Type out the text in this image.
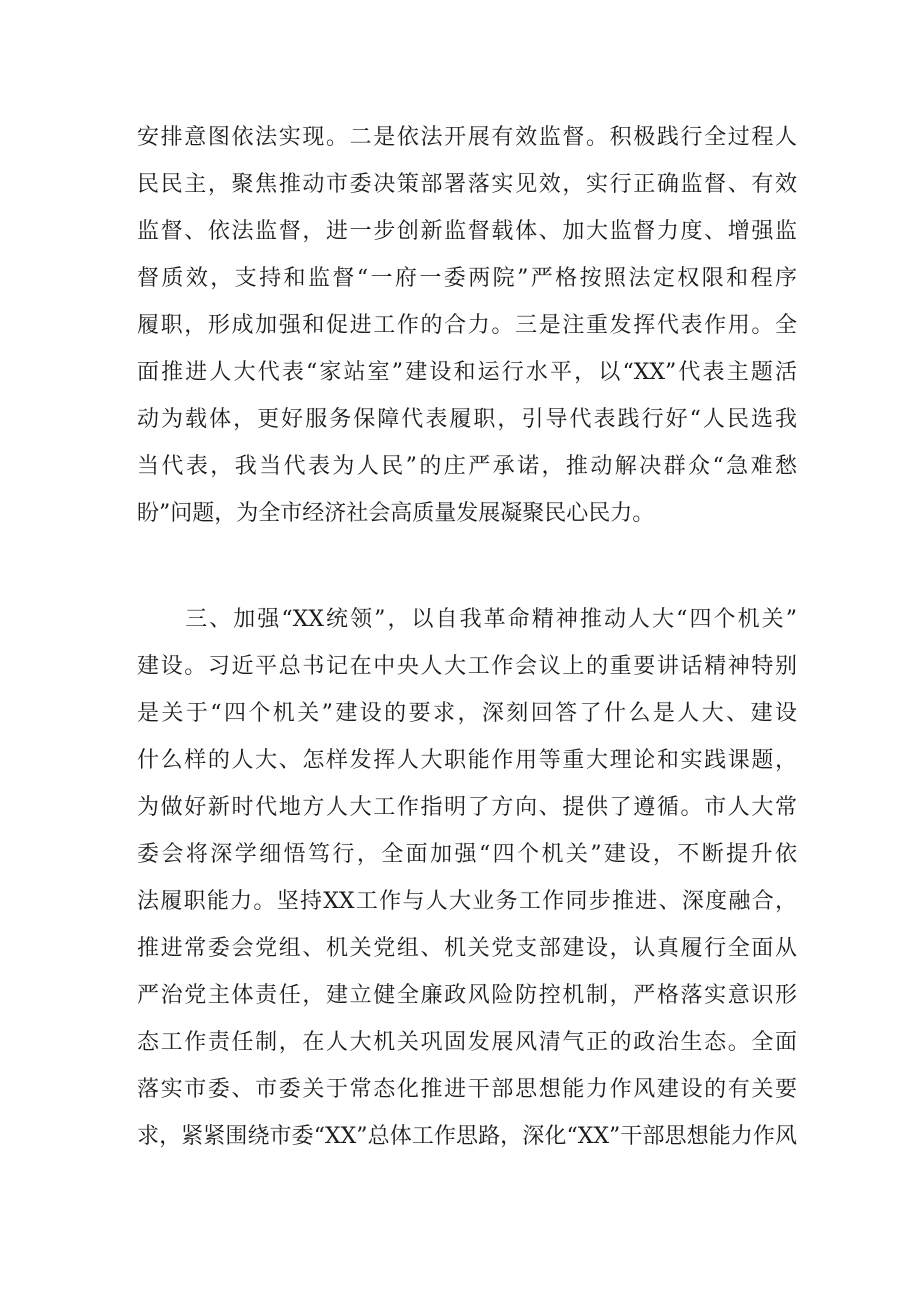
安排意图依法实现。二是依法开展有效监督。积极践行全过程人
民民主，聚焦推动市委决策部署落实见效，实行正确监督、有效
监督、依法监督，进一步创新监督载体、加大监督力度、增强监
督质效，支持和监督“一府一委两院”严格按照法定权限和程序
履职，形成加强和促进工作的合力。三是注重发挥代表作用。全
面推进人大代表“家站室”建设和运行水平，以“XX”代表主题活
动为载体，更好服务保障代表履职，引导代表践行好“人民选我
当代表，我当代表为人民”的庄严承诺，推动解决群众“急难愁
盼”问题，为全市经济社会高质量发展凝聚民心民力。
　　三、加强“XX统领”，以自我革命精神推动人大“四个机关”
建设。习近平总书记在中央人大工作会议上的重要讲话精神特别
是关于“四个机关”建设的要求，深刻回答了什么是人大、建设
什么样的人大、怎样发挥人大职能作用等重大理论和实践课题，
为做好新时代地方人大工作指明了方向、提供了遵循。市人大常
委会将深学细悟笃行，全面加强“四个机关”建设，不断提升依
法履职能力。坚持XX工作与人大业务工作同步推进、深度融合，
推进常委会党组、机关党组、机关党支部建设，认真履行全面从
严治党主体责任，建立健全廉政风险防控机制，严格落实意识形
态工作责任制，在人大机关巩固发展风清气正的政治生态。全面
落实市委、市委关于常态化推进干部思想能力作风建设的有关要
求，紧紧围绕市委“XX”总体工作思路，深化“XX”干部思想能力作风
